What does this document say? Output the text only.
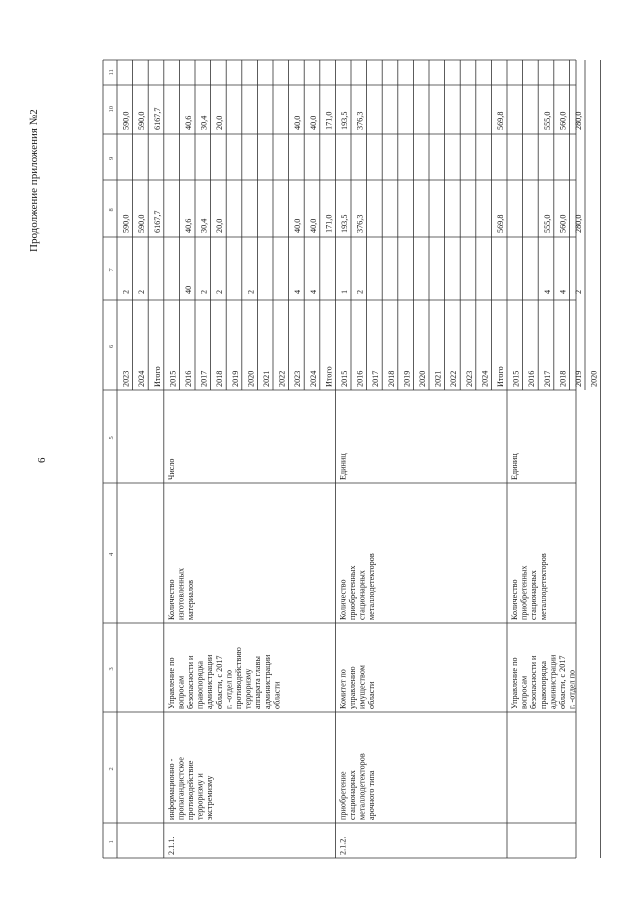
Продолжение приложения №2
6
1
2
3
4
5
6
7
8
9
10
11
2023
2
590,0
590,0
2024
2
590,0
590,0
Итого
6167,7
6167,7
2015 2016
40
40,6
40,6
2017
2
30,4
30,4
2018
2
20,0
20,0
2019 2020
2
2021 2022 2023
4
40,0
40,0
2024
4
40,0
40,0
Итого
171,0
171,0
2.1.1.
информационно - пропагандистское противодействие терроризму и экстремизму
Управление по вопросам безопасности и правопорядка администрации области, с 2017 г. -отдел по противодействию терроризму аппарата главы администрации области
Количество изготовленных материалов
Число
2015
1
193,5
193,5
2016
2
376,3
376,3
2017 2018 2019 2020 2021 2022 2023 2024 Итого
569,8
569,8
2.1.2.
приобретение стационарных металлодетекторов арочного типа
Комитет по управлению имуществом области
Количество приобретенных стационарных металлодетекторов
Единиц
2015 2016 2017
4
555,0
555,0
2018
4
560,0
560,0
2019
2
280,0
280,0
2020
Управление по вопросам безопасности и правопорядка администрации области, с 2017 г. -отдел по
Количество приобретенных стационарных металлодетекторов
Единиц
